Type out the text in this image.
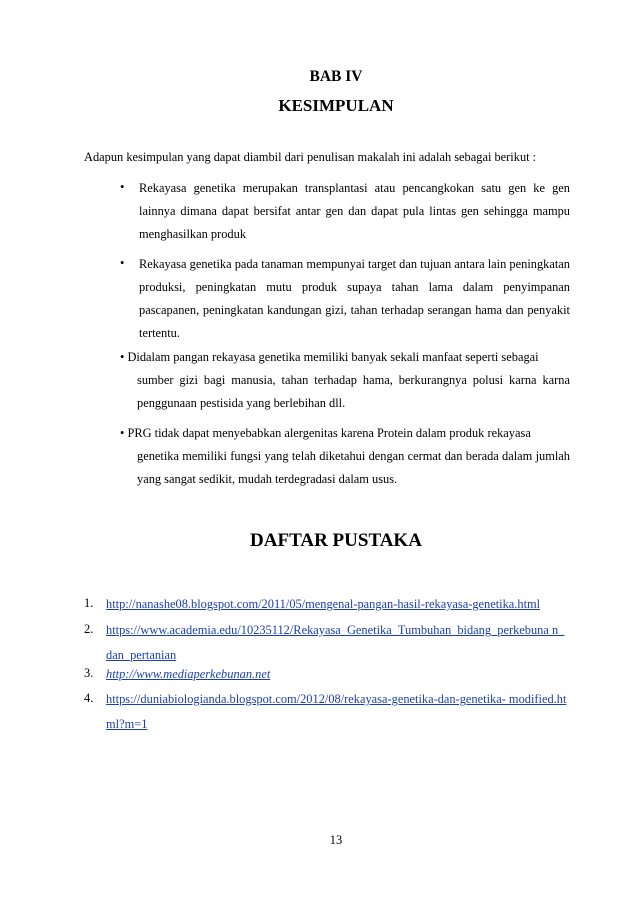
BAB IV
KESIMPULAN
Adapun kesimpulan yang dapat diambil dari penulisan makalah ini adalah sebagai berikut :
• Rekayasa genetika merupakan transplantasi atau pencangkokan satu gen ke gen lainnya dimana dapat bersifat antar gen dan dapat pula lintas gen sehingga mampu menghasilkan produk
• Rekayasa genetika pada tanaman mempunyai target dan tujuan antara lain peningkatan produksi, peningkatan mutu produk supaya tahan lama dalam penyimpanan pascapanen, peningkatan kandungan gizi, tahan terhadap serangan hama dan penyakit tertentu.
• Didalam pangan rekayasa genetika memiliki banyak sekali manfaat seperti sebagai
sumber gizi bagi manusia, tahan terhadap hama, berkurangnya polusi karna karna penggunaan pestisida yang berlebihan dll.
• PRG tidak dapat menyebabkan alergenitas karena Protein dalam produk rekayasa
genetika memiliki fungsi yang telah diketahui dengan cermat dan berada dalam jumlah yang sangat sedikit, mudah terdegradasi dalam usus.
DAFTAR PUSTAKA
1. http://nanashe08.blogspot.com/2011/05/mengenal-pangan-hasil-rekayasa-genetika.html
2. https://www.academia.edu/10235112/Rekayasa_Genetika_Tumbuhan_bidang_perkebuna n_dan_pertanian
3. http://www.mediaperkebunan.net
4. https://duniabiologianda.blogspot.com/2012/08/rekayasa-genetika-dan-genetika- modified.html?m=1
13
